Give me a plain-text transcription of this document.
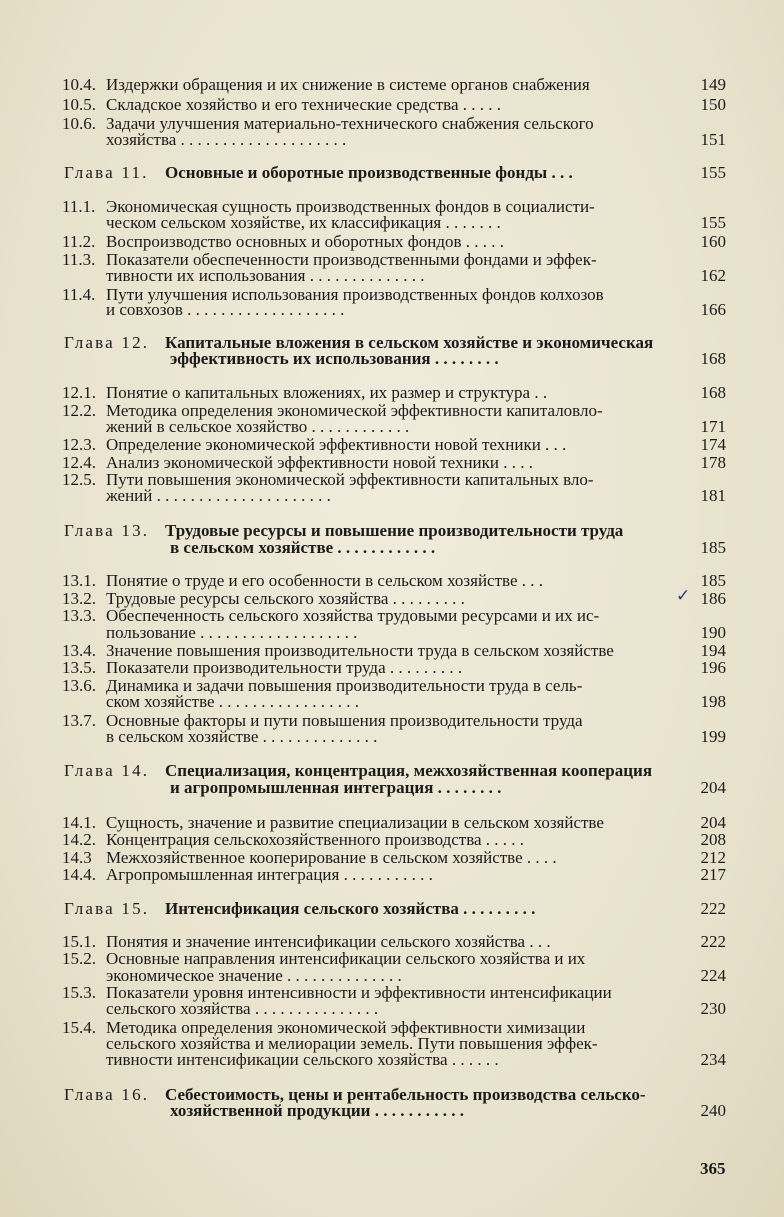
10.4. Издержки обращения и их снижение в системе органов снабжения	149
10.5. Складское хозяйство и его технические средства . . . . .	150
10.6. Задачи улучшения материально-технического снабжения сельского
хозяйства . . . . . . . . . . . . . . . . . . . .	151
Глава 11. Основные и оборотные производственные фонды . . .	155
11.1. Экономическая сущность производственных фондов в социалисти-
ческом сельском хозяйстве, их классификация . . . . . . .	155
11.2. Воспроизводство основных и оборотных фондов . . . . .	160
11.3. Показатели обеспеченности производственными фондами и эффек-
тивности их использования . . . . . . . . . . . . . .	162
11.4. Пути улучшения использования производственных фондов колхозов
и совхозов . . . . . . . . . . . . . . . . . . .	166
Глава 12. Капитальные вложения в сельском хозяйстве и экономическая
эффективность их использования . . . . . . . .	168
12.1. Понятие о капитальных вложениях, их размер и структура . .	168
12.2. Методика определения экономической эффективности капиталовло-
жений в сельское хозяйство . . . . . . . . . . . .	171
12.3. Определение экономической эффективности новой техники . . .	174
12.4. Анализ экономической эффективности новой техники . . . .	178
12.5. Пути повышения экономической эффективности капитальных вло-
жений . . . . . . . . . . . . . . . . . . . . .	181
Глава 13. Трудовые ресурсы и повышение производительности труда
в сельском хозяйстве . . . . . . . . . . . .	185
13.1. Понятие о труде и его особенности в сельском хозяйстве . . .	185
13.2. Трудовые ресурсы сельского хозяйства . . . . . . . . .	186
13.3. Обеспеченность сельского хозяйства трудовыми ресурсами и их ис-
пользование . . . . . . . . . . . . . . . . . . .	190
13.4. Значение повышения производительности труда в сельском хозяйстве	194
13.5. Показатели производительности труда . . . . . . . . .	196
13.6. Динамика и задачи повышения производительности труда в сель-
ском хозяйстве . . . . . . . . . . . . . . . . .	198
13.7. Основные факторы и пути повышения производительности труда
в сельском хозяйстве . . . . . . . . . . . . . .	199
Глава 14. Специализация, концентрация, межхозяйственная кооперация
и агропромышленная интеграция . . . . . . . .	204
14.1. Сущность, значение и развитие специализации в сельском хозяйстве	204
14.2. Концентрация сельскохозяйственного производства . . . . .	208
14.3 Межхозяйственное кооперирование в сельском хозяйстве . . . .	212
14.4. Агропромышленная интеграция . . . . . . . . . . .	217
Глава 15. Интенсификация сельского хозяйства . . . . . . . . .	222
15.1. Понятия и значение интенсификации сельского хозяйства . . .	222
15.2. Основные направления интенсификации сельского хозяйства и их
экономическое значение . . . . . . . . . . . . . .	224
15.3. Показатели уровня интенсивности и эффективности интенсификации
сельского хозяйства . . . . . . . . . . . . . . .	230
15.4. Методика определения экономической эффективности химизации
сельского хозяйства и мелиорации земель. Пути повышения эффек-
тивности интенсификации сельского хозяйства . . . . . .	234
Глава 16. Себестоимость, цены и рентабельность производства сельско-
хозяйственной продукции . . . . . . . . . . .	240
365
✓
